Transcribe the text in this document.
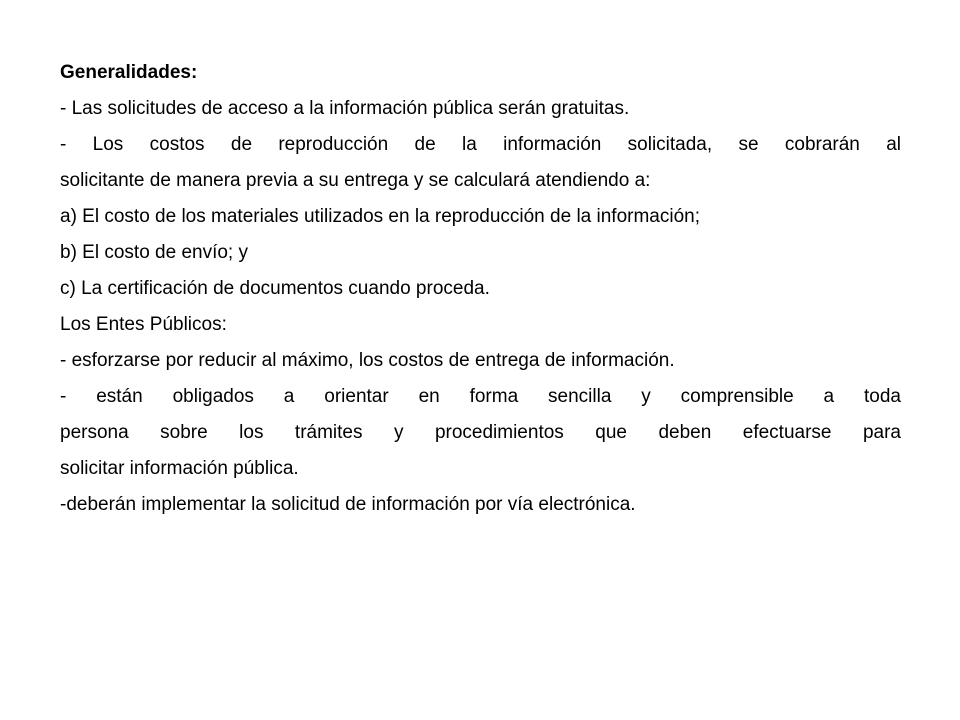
Generalidades:

- Las solicitudes de acceso a la información pública serán gratuitas.

- Los costos de reproducción de la información solicitada, se cobrarán al

solicitante de manera previa a su entrega y se calculará atendiendo a:

a) El costo de los materiales utilizados en la reproducción de la información;

b) El costo de envío; y

c) La certificación de documentos cuando proceda.

Los Entes Públicos:

- esforzarse por reducir al máximo, los costos de entrega de información.

- están obligados a orientar en forma sencilla y comprensible a toda

persona sobre los trámites y procedimientos que deben efectuarse para

solicitar información pública.

-deberán implementar la solicitud de información por vía electrónica.
